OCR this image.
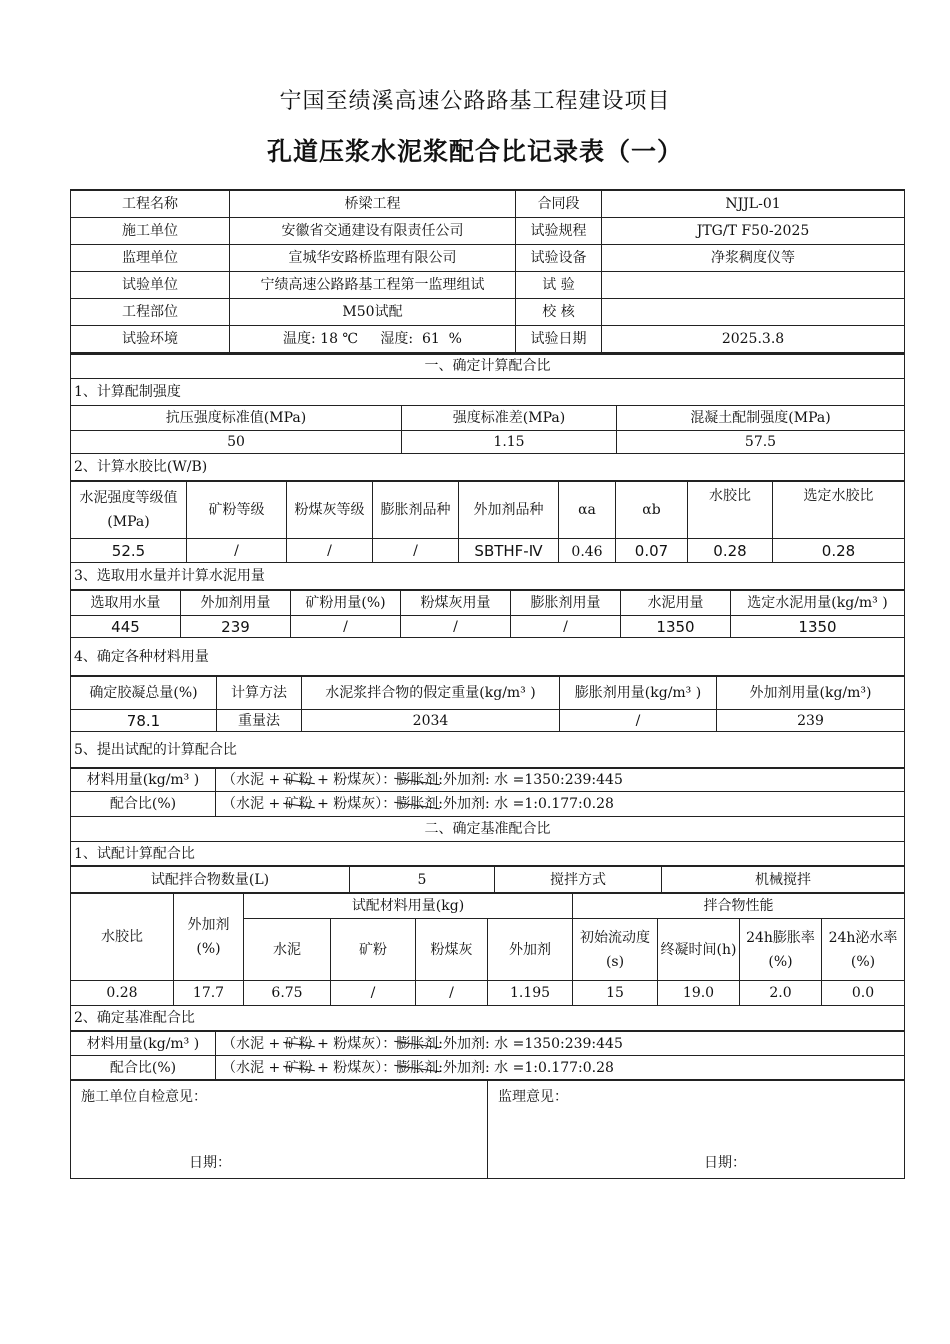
宁国至绩溪高速公路路基工程建设项目
孔道压浆水泥浆配合比记录表（一）
工程名称	桥梁工程	合同段	NJJL-01
施工单位	安徽省交通建设有限责任公司	试验规程	JTG/T F50-2025
监理单位	宣城华安路桥监理有限公司	试验设备	净浆稠度仪等
试验单位	宁绩高速公路路基工程第一监理组试	试 验	
工程部位	M50试配	校 核	
试验环境	温度: 18 ℃     湿度:  61  %	试验日期	2025.3.8
一、确定计算配合比		
1、计算配制强度		
抗压强度标准值(MPa)	强度标准差(MPa)	混凝土配制强度(MPa)
50	1.15	57.5
2、计算水胶比(W/B)		
水泥强度等级值(MPa)	矿粉等级	粉煤灰等级	膨胀剂品种	外加剂品种	αa	αb	水胶比	选定水胶比
52.5	/	/	/	SBTHF-Ⅳ	0.46	0.07	0.28	0.28
3、选取用水量并计算水泥用量								
选取用水量	外加剂用量	矿粉用量(%)	粉煤灰用量	膨胀剂用量	水泥用量	选定水泥用量(kg/m³ )
445	239	/	/	/	1350	1350
4、确定各种材料用量						
确定胶凝总量(%)	计算方法	水泥浆拌合物的假定重量(kg/m³ )	膨胀剂用量(kg/m³ )	外加剂用量(kg/m³)
78.1	重量法	2034	/	239
5、提出试配的计算配合比				
材料用量(kg/m³ )	（水泥 + 矿粉 + 粉煤灰）：膨胀剂:外加剂: 水 =1350:239:445
配合比(%)	（水泥 + 矿粉 + 粉煤灰）：膨胀剂:外加剂: 水 =1:0.177:0.28
二、确定基准配合比	
1、试配计算配合比	
试配拌合物数量(L)	5	搅拌方式	机械搅拌
水胶比	外加剂(%)	试配材料用量(kg)				拌合物性能			
		水泥	矿粉	粉煤灰	外加剂	初始流动度(s)	终凝时间(h)	24h膨胀率(%)	24h泌水率(%)
0.28	17.7	6.75	/	/	1.195	15	19.0	2.0	0.0
2、确定基准配合比									
材料用量(kg/m³ )	（水泥 + 矿粉 + 粉煤灰）：膨胀剂:外加剂: 水 =1350:239:445
配合比(%)	（水泥 + 矿粉 + 粉煤灰）：膨胀剂:外加剂: 水 =1:0.177:0.28
施工单位自检意见：
日期：

监理意见：
日期：
